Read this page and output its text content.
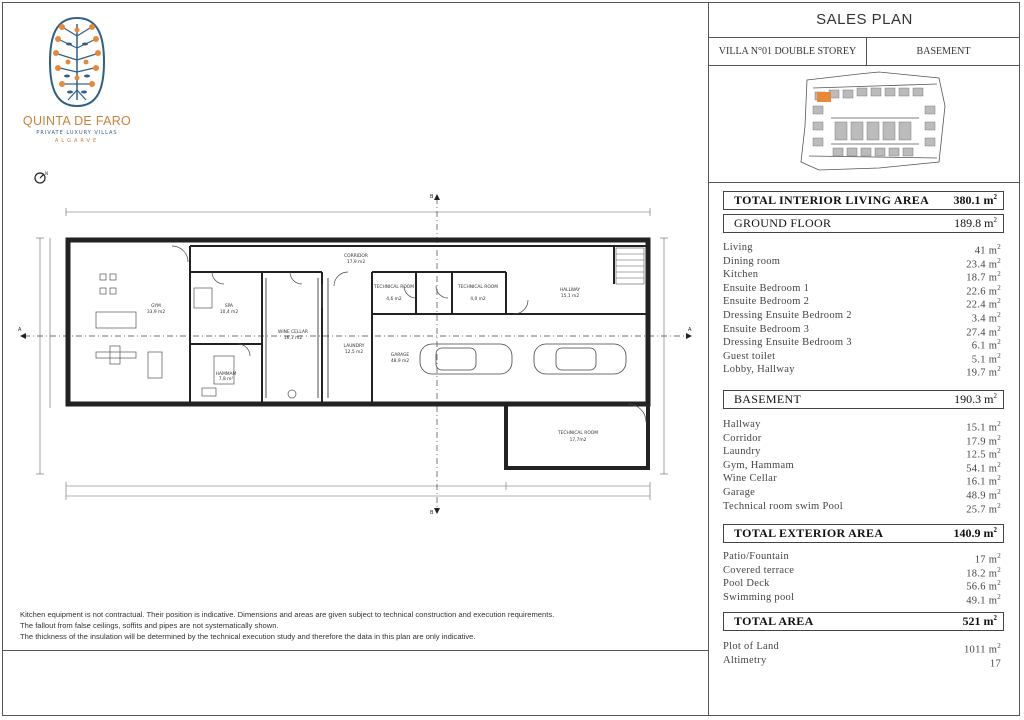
QUINTA DE FARO
PRIVATE LUXURY VILLAS
ALGARVE
N
A	A
B
B
GYM
33,9 m2
SPA
10,4 m2
HAMMAM
7,8 m²
WINE CELLAR
16,1 m2
CORRIDOR
17,9 m2
LAUNDRY
12,5 m2
TECHNICAL ROOM
4,6 m2
TECHNICAL ROOM
4,0 m2
HALLWAY
15,1 m2
GARAGE
48,9 m2
TECHNICAL ROOM
17,7m2
Kitchen equipment is not contractual. Their position is indicative. Dimensions and areas are given subject to technical construction and execution requirements.
The fallout from false ceilings, soffits and pipes are not systematically shown.
The thickness of the insulation will be determined by the technical execution study and therefore the data in this plan are only indicative.
SALES PLAN
VILLA N°01 DOUBLE STOREY	BASEMENT
TOTAL INTERIOR LIVING AREA 380.1 $m^2$
GROUND FLOOR	189.8 $m^2$
Living	41 $m^2$
Dining room	23.4 $m^2$
Kitchen	18.7 $m^2$
Ensuite Bedroom 1	22.6 $m^2$
Ensuite Bedroom 2	22.4 $m^2$
Dressing Ensuite Bedroom 2	3.4 $m^2$
Ensuite Bedroom 3	27.4 $m^2$
Dressing Ensuite Bedroom 3	6.1 $m^2$
Guest toilet	5.1 $m^2$
Lobby, Hallway	19.7 $m^2$
BASEMENT	190.3 $m^2$
Hallway	15.1 $m^2$
Corridor	17.9 $m^2$
Laundry	12.5 $m^2$
Gym, Hammam	54.1 $m^2$
Wine Cellar	16.1 $m^2$
Garage	48.9 $m^2$
Technical room swim Pool	25.7 $m^2$
TOTAL EXTERIOR AREA	140.9 $m^2$
Patio/Fountain	17 $m^2$
Covered terrace	18.2 $m^2$
Pool Deck	56.6 $m^2$
Swimming pool	49.1 $m^2$
TOTAL AREA	521 $m^2$
Plot of Land	1011 $m^2$
Altimetry	17
